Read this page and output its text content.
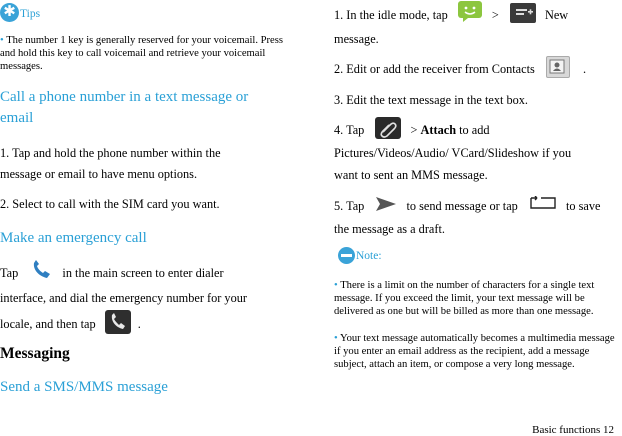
✱
Tips
• The number 1 key is generally reserved for your voicemail. Press and hold this key to call voicemail and retrieve your voicemail messages.
Call a phone number in a text message or
email
1. Tap and hold the phone number within the
message or email to have menu options.
2. Select to call with the SIM card you want.
Make an emergency call
Tap	in the main screen to enter dialer
interface, and dial the emergency number for your
locale, and then tap	.
Messaging
Send a SMS/MMS message
1. In the idle mode, tap	>	New
message.
2. Edit or add the receiver from Contacts	.
3. Edit the text message in the text box.
4. Tap	> Attach to add
Pictures/Videos/Audio/ VCard/Slideshow if you
want to sent an MMS message.
5. Tap	to send message or tap	to save
the message as a draft.
Note:
• There is a limit on the number of characters for a single text message. If you exceed the limit, your text message will be delivered as one but will be billed as more than one message.
• Your text message automatically becomes a multimedia message if you enter an email address as the recipient, add a message subject, attach an item, or compose a very long message.
Basic functions 12
